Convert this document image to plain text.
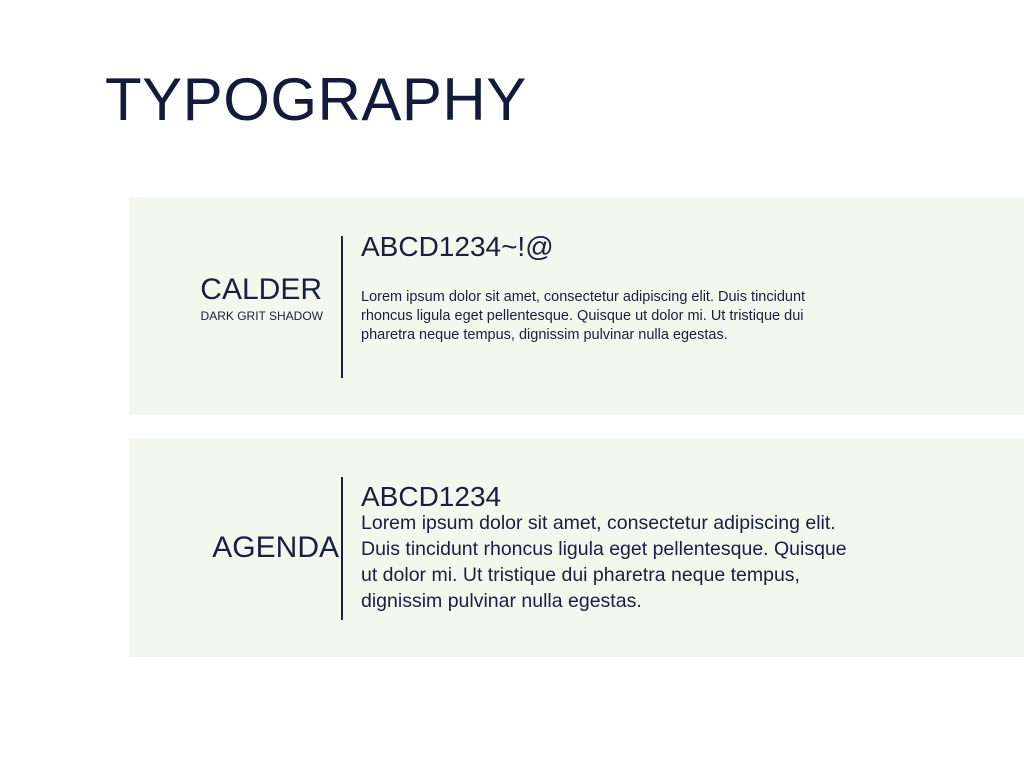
TYPOGRAPHY
CALDER
DARK GRIT SHADOW
ABCD1234~!@

Lorem ipsum dolor sit amet, consectetur adipiscing elit. Duis tincidunt rhoncus ligula eget pellentesque. Quisque ut dolor mi. Ut tristique dui pharetra neque tempus, dignissim pulvinar nulla egestas.

AGENDA
ABCD1234

Lorem ipsum dolor sit amet, consectetur adipiscing elit. Duis tincidunt rhoncus ligula eget pellentesque. Quisque ut dolor mi. Ut tristique dui pharetra neque tempus, dignissim pulvinar nulla egestas.
